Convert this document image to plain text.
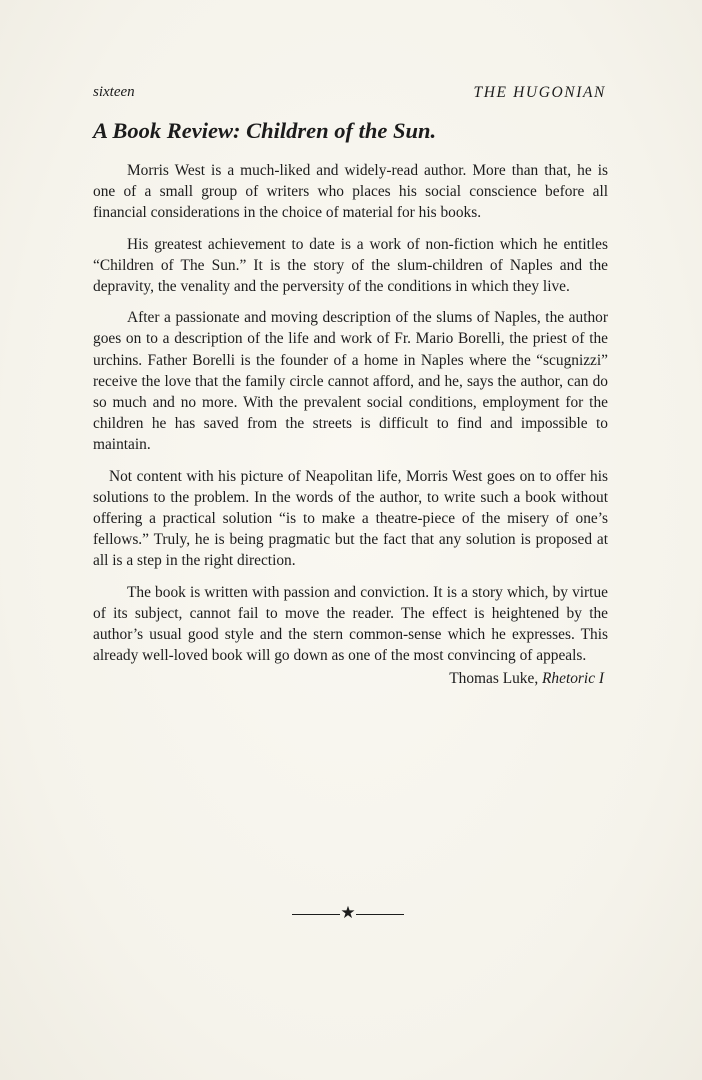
sixteen	THE HUGONIAN
A Book Review: Children of the Sun.

Morris West is a much-liked and widely-read author. More than that, he is one of a small group of writers who places his social conscience before all financial considerations in the choice of material for his books.

His greatest achievement to date is a work of non-fiction which he entitles “Children of The Sun.” It is the story of the slum-children of Naples and the depravity, the venality and the perversity of the conditions in which they live.

After a passionate and moving description of the slums of Naples, the author goes on to a description of the life and work of Fr. Mario Borelli, the priest of the urchins. Father Borelli is the founder of a home in Naples where the “scugnizzi” receive the love that the family circle cannot afford, and he, says the author, can do so much and no more. With the prevalent social conditions, employment for the children he has saved from the streets is difficult to find and impossible to maintain.

Not content with his picture of Neapolitan life, Morris West goes on to offer his solutions to the problem. In the words of the author, to write such a book without offering a practical solution “is to make a theatre-piece of the misery of one’s fellows.” Truly, he is being pragmatic but the fact that any solution is proposed at all is a step in the right direction.

The book is written with passion and conviction. It is a story which, by virtue of its subject, cannot fail to move the reader. The effect is heightened by the author’s usual good style and the stern common-sense which he expresses. This already well-loved book will go down as one of the most convincing of appeals.

Thomas Luke, Rhetoric I
★
